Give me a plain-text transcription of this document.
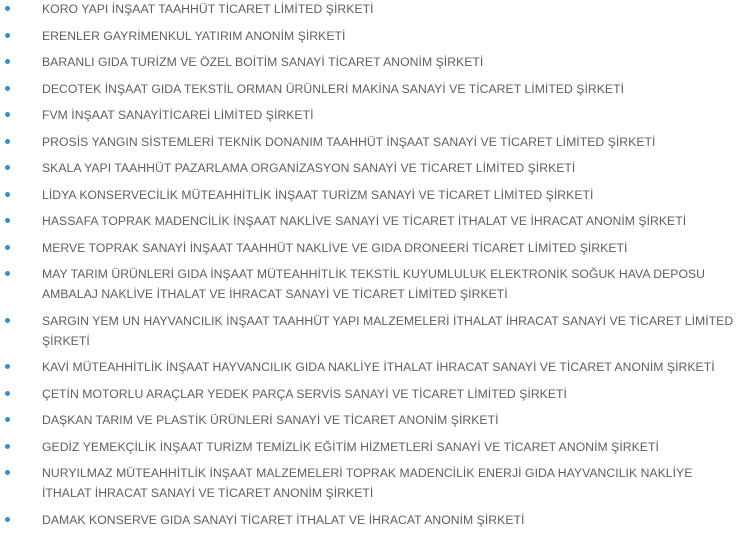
KORO YAPI İNŞAAT TAAHHÜT TİCARET LİMİTED ŞİRKETİ
ERENLER GAYRİMENKUL YATIRIM ANONİM ŞİRKETİ
BARANLI GIDA TURİZM VE ÖZEL BOİTİM SANAYİ TİCARET ANONİM ŞİRKETİ
DECOTEK İNŞAAT GIDA TEKSTİL ORMAN ÜRÜNLERİ MAKİNA SANAYİ VE TİCARET LİMİTED ŞİRKETİ
FVM İNŞAAT SANAYİTİCAREİ LİMİTED ŞİRKETİ
PROSİS YANGIN SİSTEMLERİ TEKNİK DONANIM TAAHHÜT İNŞAAT SANAYİ VE TİCARET LİMİTED ŞİRKETİ
SKALA YAPI TAAHHÜT PAZARLAMA ORGANİZASYON SANAYİ VE TİCARET LİMİTED ŞİRKETİ
LİDYA KONSERVECİLİK MÜTEAHHİTLİK İNŞAAT TURİZM SANAYİ VE TİCARET LİMİTED ŞİRKETİ
HASSAFA TOPRAK MADENCİLİK İNŞAAT NAKLİVE SANAYİ VE TİCARET İTHALAT VE İHRACAT ANONİM ŞİRKETİ
MERVE TOPRAK SANAYİ İNŞAAT TAAHHÜT NAKLİVE VE GIDA DRONEERİ TİCARET LİMİTED ŞİRKETİ
MAY TARIM ÜRÜNLERİ GIDA İNŞAAT MÜTEAHHİTLİK TEKSTİL KUYUMLULUK ELEKTRONİK SOĞUK HAVA DEPOSU AMBALAJ NAKLİVE İTHALAT VE İHRACAT SANAYİ VE TİCARET LİMİTED ŞİRKETİ
SARGIN YEM UN HAYVANCILIK İNŞAAT TAAHHÜT YAPI MALZEMELERİ İTHALAT İHRACAT SANAYİ VE TİCARET LİMİTED ŞİRKETİ
KAVİ MÜTEAHHİTLİK İNŞAAT HAYVANCILIK GIDA NAKLİYE İTHALAT İHRACAT SANAYİ VE TİCARET ANONİM ŞİRKETİ
ÇETİN MOTORLU ARAÇLAR YEDEK PARÇA SERVİS SANAYİ VE TİCARET LİMİTED ŞİRKETİ
DAŞKAN TARIM VE PLASTİK ÜRÜNLERİ SANAYİ VE TİCARET ANONİM ŞİRKETİ
GEDİZ YEMEKÇİLİK İNŞAAT TURİZM TEMİZLİK EĞİTİM HİZMETLERİ SANAYİ VE TİCARET ANONİM ŞİRKETİ
NURYILMAZ MÜTEAHHİTLİK İNŞAAT MALZEMELERİ TOPRAK MADENCİLİK ENERJİ GIDA HAYVANCILIK NAKLİYE İTHALAT İHRACAT SANAYİ VE TİCARET ANONİM ŞİRKETİ
DAMAK KONSERVE GIDA SANAYİ TİCARET İTHALAT VE İHRACAT ANONİM ŞİRKETİ
